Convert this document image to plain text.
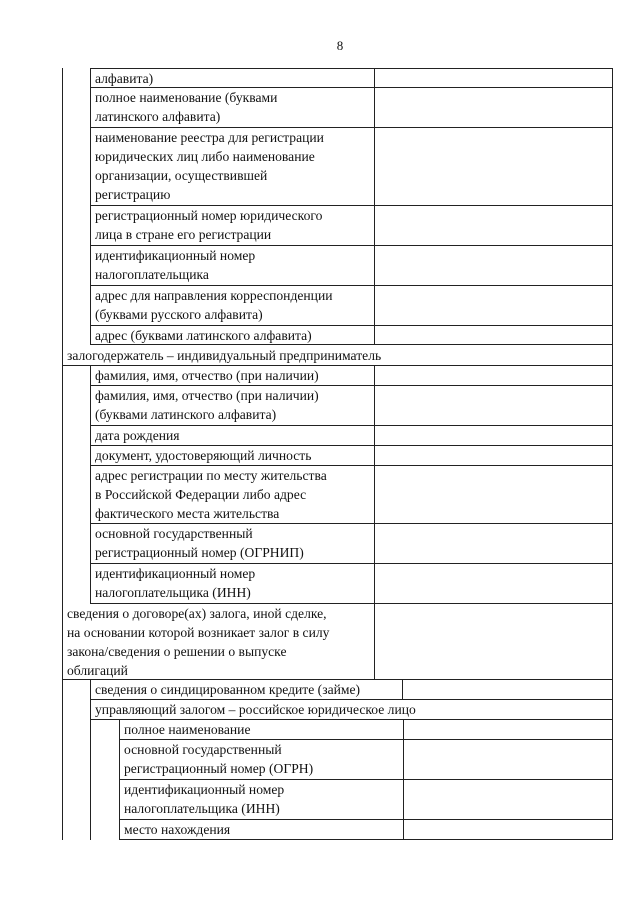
8
алфавита)
полное наименование (буквами
латинского алфавита)
наименование реестра для регистрации
юридических лиц либо наименование
организации, осуществившей
регистрацию
регистрационный номер юридического
лица в стране его регистрации
идентификационный номер
налогоплательщика
адрес для направления корреспонденции
(буквами русского алфавита)
адрес (буквами латинского алфавита)
залогодержатель – индивидуальный предприниматель
фамилия, имя, отчество (при наличии)
фамилия, имя, отчество (при наличии)
(буквами латинского алфавита)
дата рождения
документ, удостоверяющий личность
адрес регистрации по месту жительства
в Российской Федерации либо адрес
фактического места жительства
основной государственный
регистрационный номер (ОГРНИП)
идентификационный номер
налогоплательщика (ИНН)
сведения о договоре(ах) залога, иной сделке,
на основании которой возникает залог в силу
закона/сведения о решении о выпуске
облигаций
сведения о синдицированном кредите (займе)
управляющий залогом – российское юридическое лицо
полное наименование
основной государственный
регистрационный номер (ОГРН)
идентификационный номер
налогоплательщика (ИНН)
место нахождения
